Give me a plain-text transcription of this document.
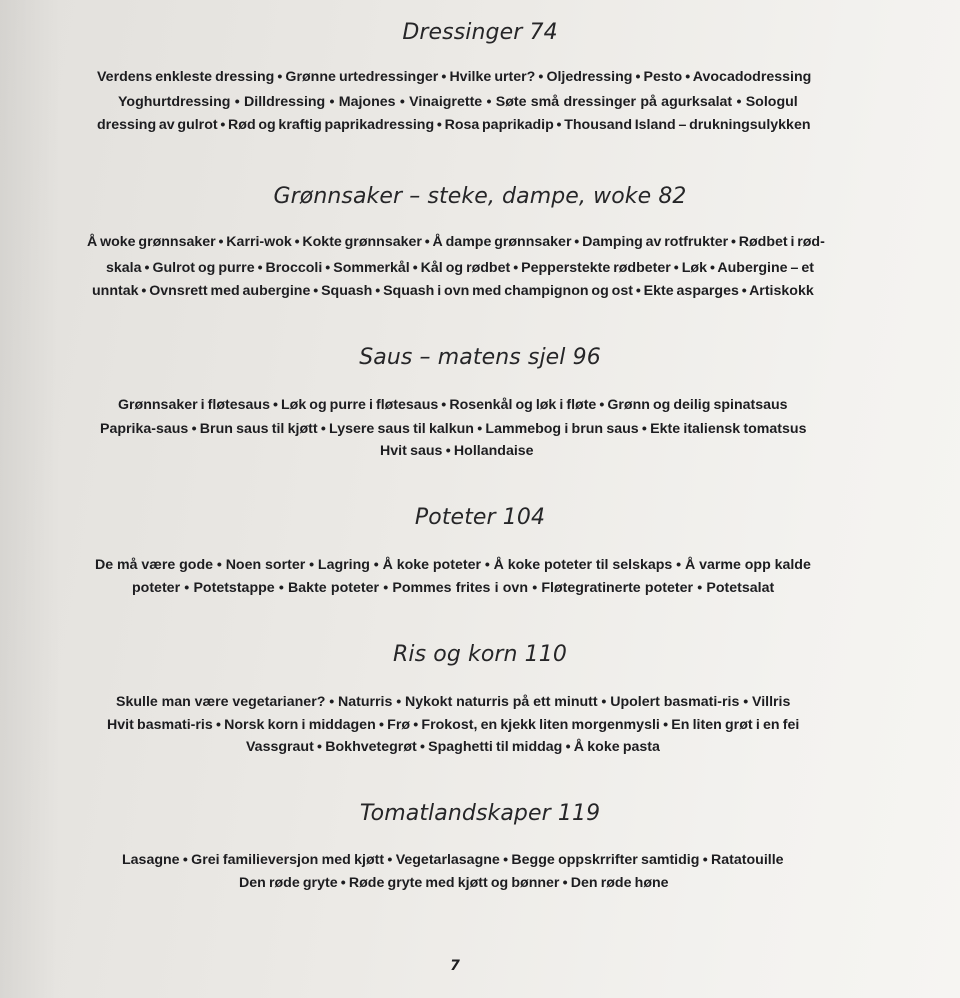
Dressinger 74
Verdens enkleste dressing • Grønne urtedressinger • Hvilke urter? • Oljedressing • Pesto • Avocadodressing
Yoghurtdressing • Dilldressing • Majones • Vinaigrette • Søte små dressinger på agurksalat • Sologul
dressing av gulrot • Rød og kraftig paprikadressing • Rosa paprikadip • Thousand Island – drukningsulykken
Grønnsaker – steke, dampe, woke 82
Å woke grønnsaker • Karri-wok • Kokte grønnsaker • Å dampe grønnsaker • Damping av rotfrukter • Rødbet i rød-
skala • Gulrot og purre • Broccoli • Sommerkål • Kål og rødbet • Pepperstekte rødbeter • Løk • Aubergine – et
unntak • Ovnsrett med aubergine • Squash • Squash i ovn med champignon og ost • Ekte asparges • Artiskokk
Saus – matens sjel 96
Grønnsaker i fløtesaus • Løk og purre i fløtesaus • Rosenkål og løk i fløte • Grønn og deilig spinatsaus
Paprika-saus • Brun saus til kjøtt • Lysere saus til kalkun • Lammebog i brun saus • Ekte italiensk tomatsus
Hvit saus • Hollandaise
Poteter 104
De må være gode • Noen sorter • Lagring • Å koke poteter • Å koke poteter til selskaps • Å varme opp kalde
poteter • Potetstappe • Bakte poteter • Pommes frites i ovn • Fløtegratinerte poteter • Potetsalat
Ris og korn 110
Skulle man være vegetarianer? • Naturris • Nykokt naturris på ett minutt • Upolert basmati-ris • Villris
Hvit basmati-ris • Norsk korn i middagen • Frø • Frokost, en kjekk liten morgenmysli • En liten grøt i en fei
Vassgraut • Bokhvetegrøt • Spaghetti til middag • Å koke pasta
Tomatlandskaper 119
Lasagne • Grei familieversjon med kjøtt • Vegetarlasagne • Begge oppskrrifter samtidig • Ratatouille
Den røde gryte • Røde gryte med kjøtt og bønner • Den røde høne
7
